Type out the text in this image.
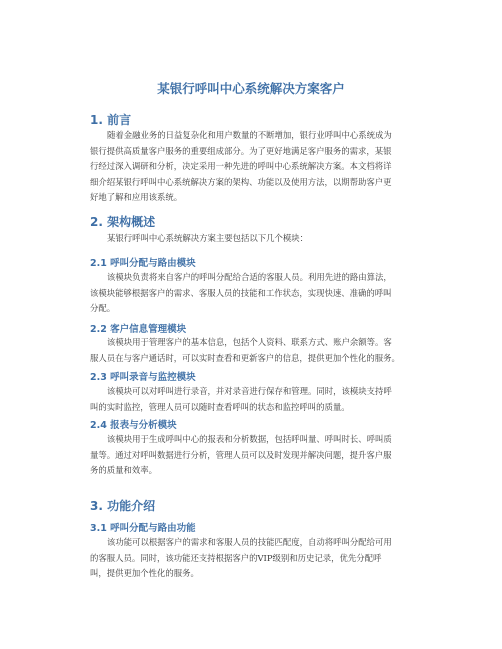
某银行呼叫中心系统解决方案客户
1. 前言

随着金融业务的日益复杂化和用户数量的不断增加，银行业呼叫中心系统成为
银行提供高质量客户服务的重要组成部分。为了更好地满足客户服务的需求，某银
行经过深入调研和分析，决定采用一种先进的呼叫中心系统解决方案。本文档将详
细介绍某银行呼叫中心系统解决方案的架构、功能以及使用方法，以期帮助客户更
好地了解和应用该系统。

2. 架构概述

某银行呼叫中心系统解决方案主要包括以下几个模块：

2.1 呼叫分配与路由模块

该模块负责将来自客户的呼叫分配给合适的客服人员。利用先进的路由算法，
该模块能够根据客户的需求、客服人员的技能和工作状态，实现快速、准确的呼叫
分配。

2.2 客户信息管理模块

该模块用于管理客户的基本信息，包括个人资料、联系方式、账户余额等。客
服人员在与客户通话时，可以实时查看和更新客户的信息，提供更加个性化的服务。

2.3 呼叫录音与监控模块

该模块可以对呼叫进行录音，并对录音进行保存和管理。同时，该模块支持呼
叫的实时监控，管理人员可以随时查看呼叫的状态和监控呼叫的质量。

2.4 报表与分析模块

该模块用于生成呼叫中心的报表和分析数据，包括呼叫量、呼叫时长、呼叫质
量等。通过对呼叫数据进行分析，管理人员可以及时发现并解决问题，提升客户服
务的质量和效率。

3. 功能介绍
3.1 呼叫分配与路由功能

该功能可以根据客户的需求和客服人员的技能匹配度，自动将呼叫分配给可用
的客服人员。同时，该功能还支持根据客户的VIP级别和历史记录，优先分配呼
叫，提供更加个性化的服务。
